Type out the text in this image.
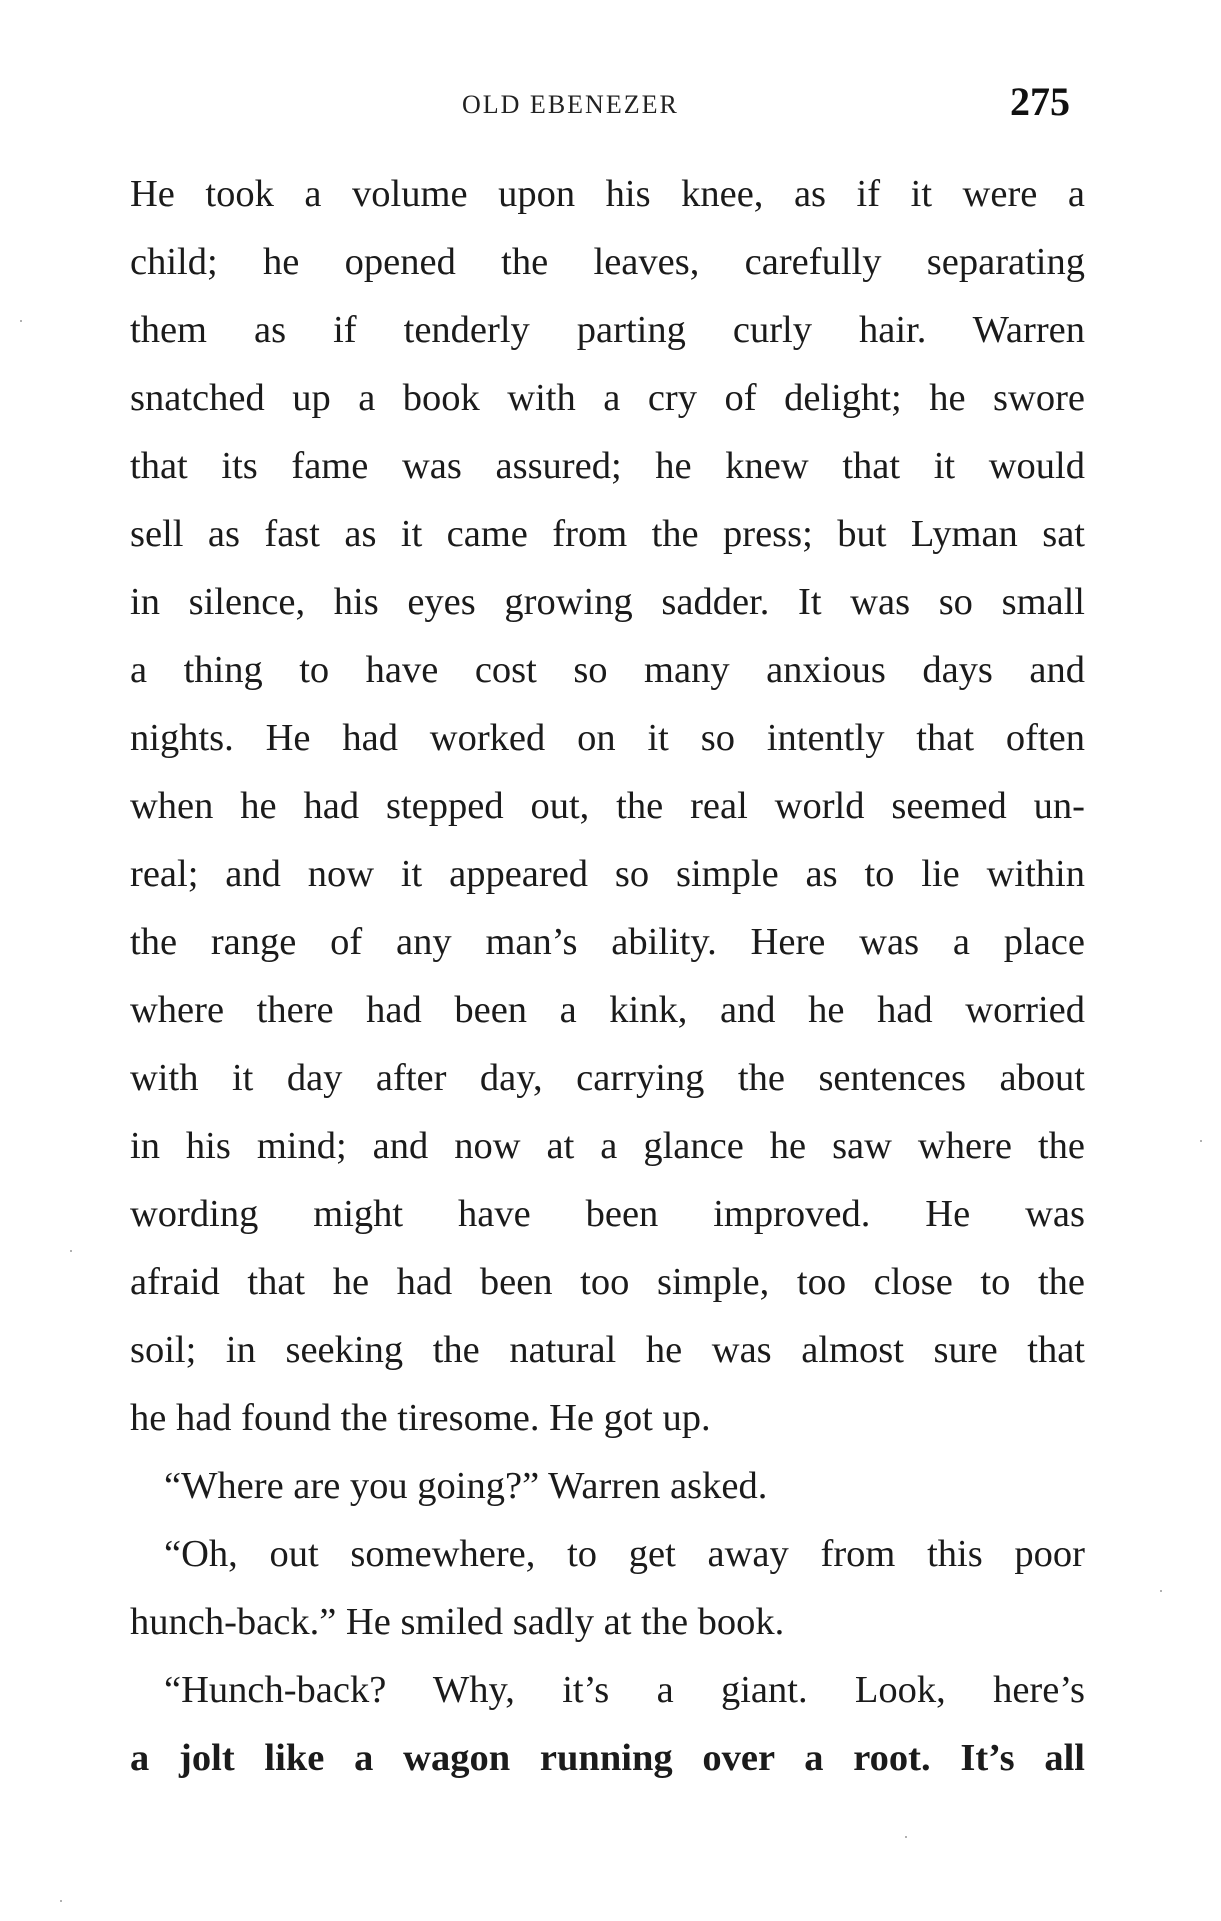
OLD EBENEZER	275
He took a volume upon his knee, as if it were a
child; he opened the leaves, carefully separating
them as if tenderly parting curly hair. Warren
snatched up a book with a cry of delight; he swore
that its fame was assured; he knew that it would
sell as fast as it came from the press; but Lyman sat
in silence, his eyes growing sadder. It was so small
a thing to have cost so many anxious days and
nights. He had worked on it so intently that often
when he had stepped out, the real world seemed un-
real; and now it appeared so simple as to lie within
the range of any man’s ability. Here was a place
where there had been a kink, and he had worried
with it day after day, carrying the sentences about
in his mind; and now at a glance he saw where the
wording might have been improved. He was
afraid that he had been too simple, too close to the
soil; in seeking the natural he was almost sure that
he had found the tiresome. He got up.
“Where are you going?” Warren asked.
“Oh, out somewhere, to get away from this poor
hunch-back.” He smiled sadly at the book.
“Hunch-back? Why, it’s a giant. Look, here’s
a jolt like a wagon running over a root. It’s all
